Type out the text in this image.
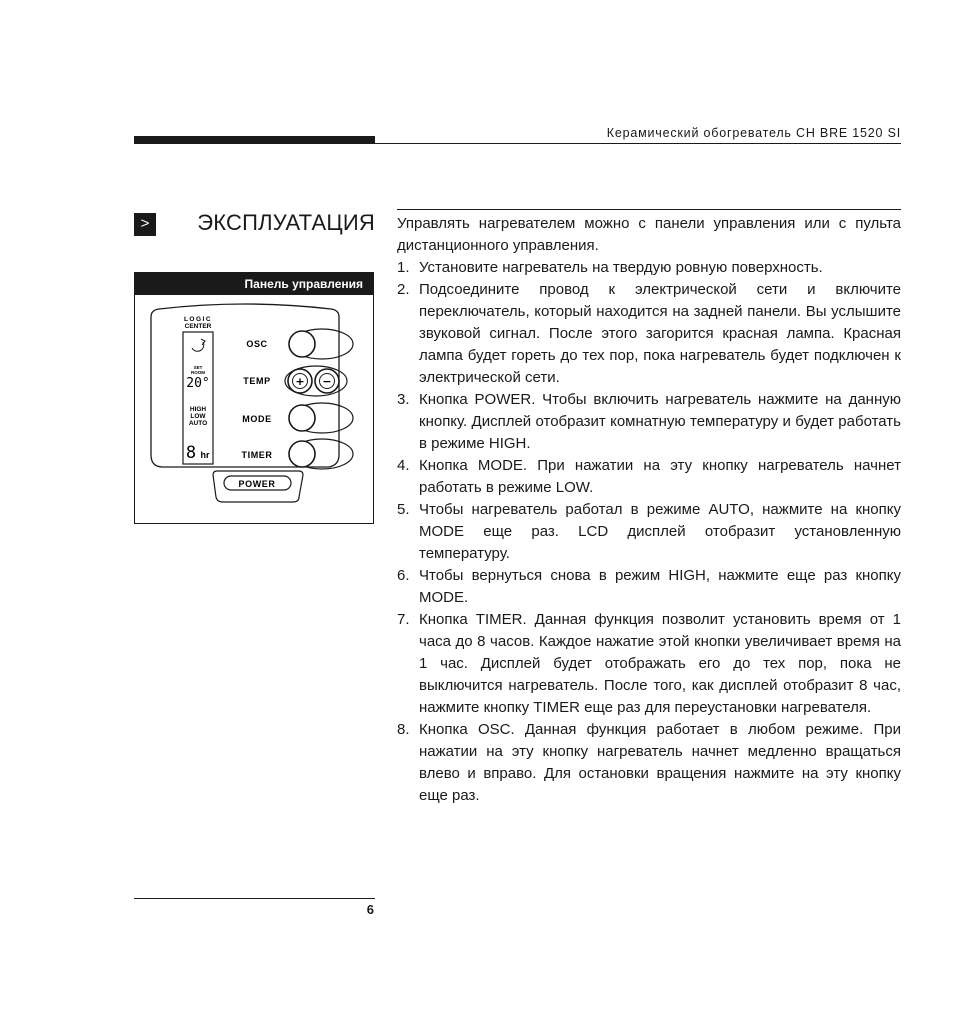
Керамический обогреватель CH BRE 1520 SI
>	ЭКСПЛУАТАЦИЯ
Панель управления
LOGIC
CENTER
SET
ROOM
20°
HIGH
LOW
AUTO
8 hr
OSC
TEMP
MODE
TIMER
+ −
POWER

Управлять нагревателем можно с панели управления или с пульта дистанционного управления.

1. Установите нагреватель на твердую ровную поверхность.
2. Подсоедините провод к электрической сети и включите переключатель, который находится на задней панели. Вы услышите звуковой сигнал. После этого загорится красная лампа. Красная лампа будет гореть до тех пор, пока нагреватель будет подключен к электрической сети.
3. Кнопка POWER. Чтобы включить нагреватель нажмите на данную кнопку. Дисплей отобразит комнатную температуру и будет работать в режиме HIGH.
4. Кнопка MODE. При нажатии на эту кнопку нагреватель начнет работать в режиме LOW.
5. Чтобы нагреватель работал в режиме AUTO, нажмите на кнопку MODE еще раз. LCD дисплей отобразит установленную температуру.
6. Чтобы вернуться снова в режим HIGH, нажмите еще раз кнопку MODE.
7. Кнопка TIMER. Данная функция позволит установить время от 1 часа до 8 часов. Каждое нажатие этой кнопки увеличивает время на 1 час. Дисплей будет отображать его до тех пор, пока не выключится нагреватель. После того, как дисплей отобразит 8 час, нажмите кнопку TIMER еще раз для переустановки нагревателя.
8. Кнопка OSC. Данная функция работает в любом режиме. При нажатии на эту кнопку нагреватель начнет медленно вращаться влево и вправо. Для остановки вращения нажмите на эту кнопку еще раз.
6
